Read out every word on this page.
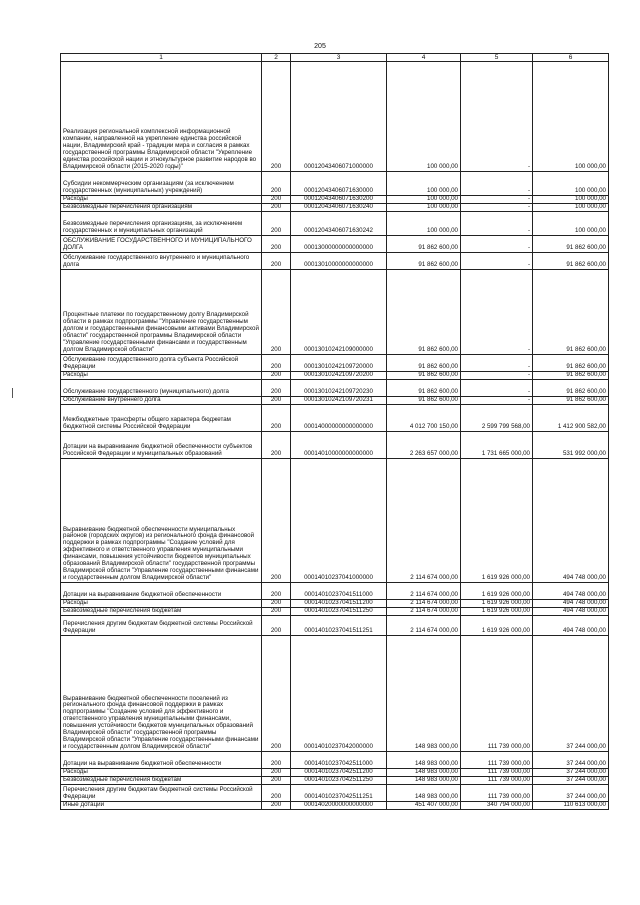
205
1	2	3	4	5	6
Реализация региональной комплексной информационной компании, направленной на укрепление единства российской нации, Владимирский край - традиции мира и согласия в рамках государственной программы Владимирской области "Укрепление единства российской нации и этнокультурное развитие народов во Владимирской области (2015-2020 годы)"	200	00012043406071000000	100 000,00	-	100 000,00
Субсидии некоммерческим организациям (за исключением государственных (муниципальных) учреждений)	200	00012043406071630000	100 000,00	-	100 000,00
Расходы	200	00012043406071630200	100 000,00	-	100 000,00
Безвозмездные перечисления организациям	200	00012043406071630240	100 000,00	-	100 000,00
Безвозмездные перечисления организациям, за исключением государственных и муниципальных организаций	200	00012043406071630242	100 000,00	-	100 000,00
ОБСЛУЖИВАНИЕ ГОСУДАРСТВЕННОГО И МУНИЦИПАЛЬНОГО ДОЛГА	200	00013000000000000000	91 862 600,00	-	91 862 600,00
Обслуживание государственного внутреннего и муниципального долга	200	00013010000000000000	91 862 600,00	-	91 862 600,00
Процентные платежи по государственному долгу Владимирской области в рамках подпрограммы "Управление государственным долгом и государственными финансовыми активами Владимирской области" государственной программы Владимирской области "Управление государственными финансами и государственным долгом Владимирской области"	200	00013010242109000000	91 862 600,00	-	91 862 600,00
Обслуживание государственного долга субъекта Российской Федерации	200	00013010242109720000	91 862 600,00	-	91 862 600,00
Расходы	200	00013010242109720200	91 862 600,00	-	91 862 600,00
Обслуживание государственного (муниципального) долга	200	00013010242109720230	91 862 600,00	-	91 862 600,00
Обслуживание внутреннего долга	200	00013010242109720231	91 862 600,00	-	91 862 600,00
Межбюджетные трансферты общего характера бюджетам бюджетной системы Российской Федерации	200	00014000000000000000	4 012 700 150,00	2 599 799 568,00	1 412 900 582,00
Дотации на выравнивание бюджетной обеспеченности субъектов Российской Федерации и муниципальных образований	200	00014010000000000000	2 263 657 000,00	1 731 665 000,00	531 992 000,00
Выравнивание бюджетной обеспеченности муниципальных районов (городских округов) из регионального фонда финансовой поддержки в рамках подпрограммы "Создание условий для эффективного и ответственного управления муниципальными финансами, повышения устойчивости бюджетов муниципальных образований Владимирской области" государственной программы Владимирской области "Управление государственными финансами и государственным долгом Владимирской области"	200	00014010237041000000	2 114 674 000,00	1 619 926 000,00	494 748 000,00
Дотации на выравнивание бюджетной обеспеченности	200	00014010237041511000	2 114 674 000,00	1 619 926 000,00	494 748 000,00
Расходы	200	00014010237041511200	2 114 674 000,00	1 619 926 000,00	494 748 000,00
Безвозмездные перечисления бюджетам	200	00014010237041511250	2 114 674 000,00	1 619 926 000,00	494 748 000,00
Перечисления другим бюджетам бюджетной системы Российской Федерации	200	00014010237041511251	2 114 674 000,00	1 619 926 000,00	494 748 000,00
Выравнивание бюджетной обеспеченности поселений из регионального фонда финансовой поддержки в рамках подпрограммы "Создание условий для эффективного и ответственного управления муниципальными финансами, повышения устойчивости бюджетов муниципальных образований Владимирской области" государственной программы Владимирской области "Управление государственными финансами и государственным долгом Владимирской области"	200	00014010237042000000	148 983 000,00	111 739 000,00	37 244 000,00
Дотации на выравнивание бюджетной обеспеченности	200	00014010237042511000	148 983 000,00	111 739 000,00	37 244 000,00
Расходы	200	00014010237042511200	148 983 000,00	111 739 000,00	37 244 000,00
Безвозмездные перечисления бюджетам	200	00014010237042511250	148 983 000,00	111 739 000,00	37 244 000,00
Перечисления другим бюджетам бюджетной системы Российской Федерации	200	00014010237042511251	148 983 000,00	111 739 000,00	37 244 000,00
Иные дотации	200	00014020000000000000	451 407 000,00	340 794 000,00	110 613 000,00
